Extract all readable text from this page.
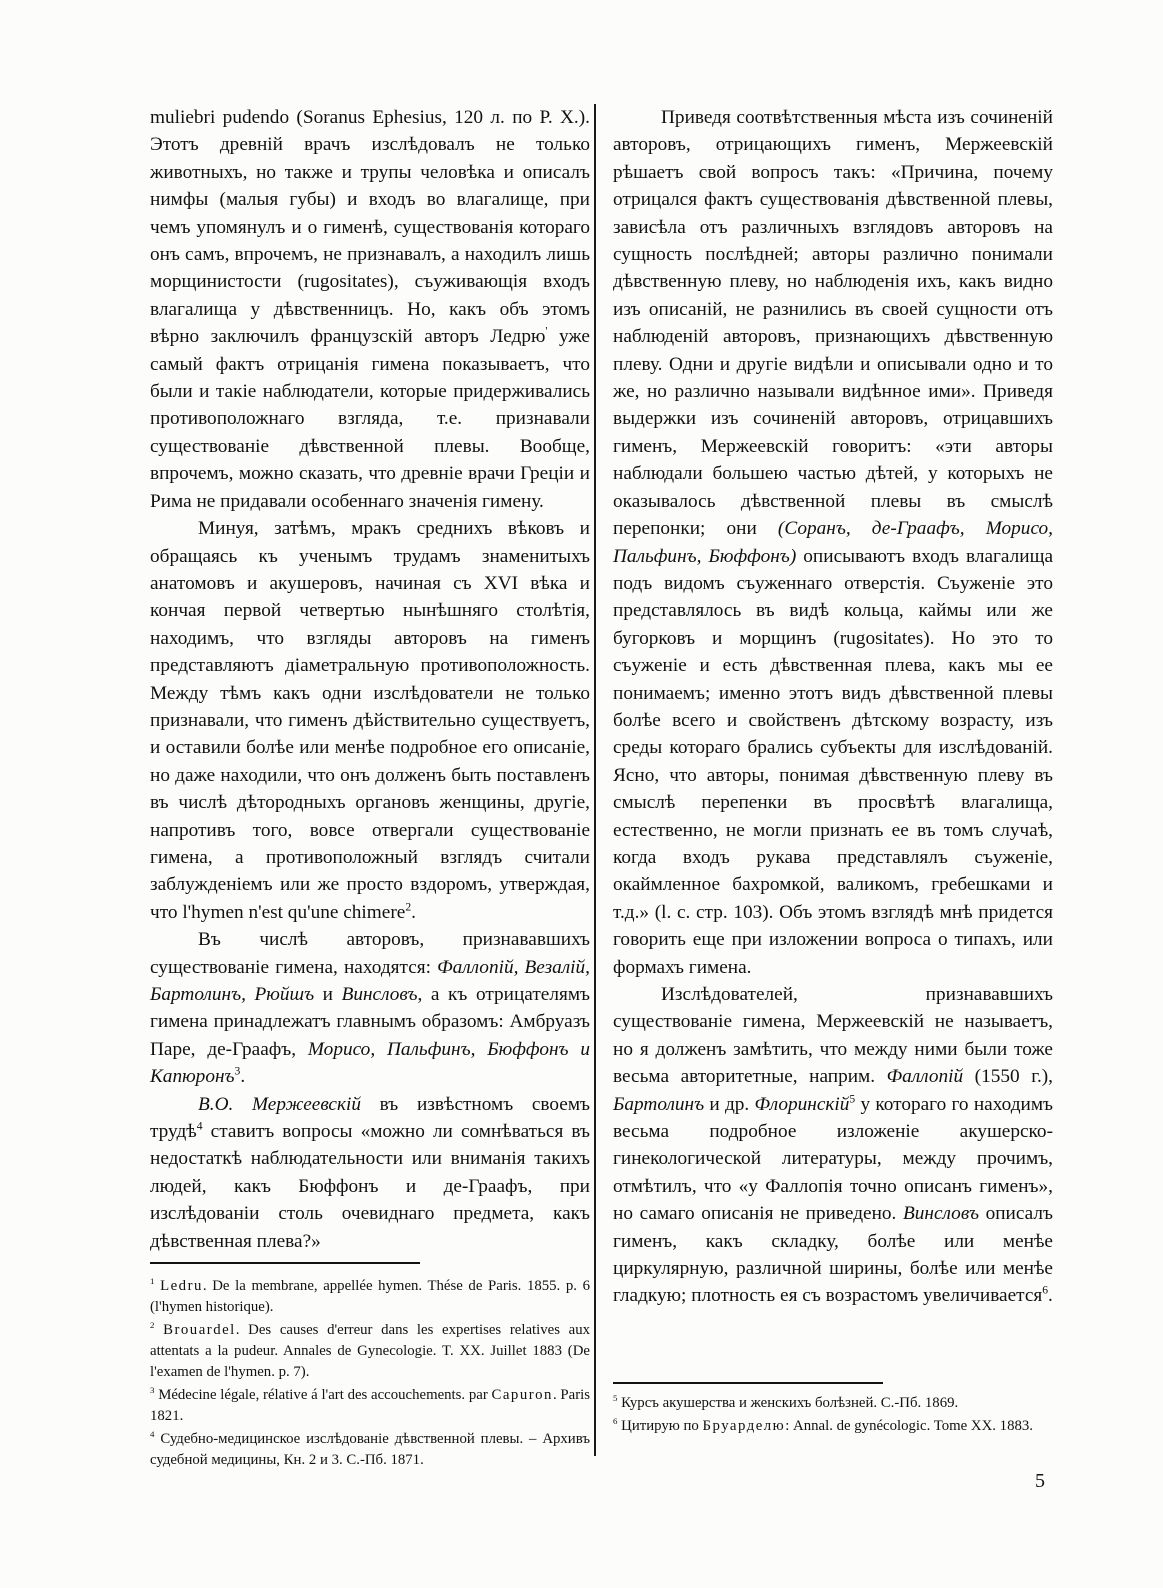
muliebri pudendo (Soranus Ephesius, 120 л. по Р. X.). Этотъ древній врачъ изслѣдовалъ не только животныхъ, но также и трупы человѣка и описалъ нимфы (малыя губы) и входъ во влагалище, при чемъ упомянулъ и о гименѣ, существованія котораго онъ самъ, впрочемъ, не признавалъ, а находилъ лишь морщинистости (rugositates), съуживающія входъ влагалища у дѣвственницъ. Но, какъ объ этомъ вѣрно заключилъ французскій авторъ Ледрю' уже самый фактъ отрицанія гимена показываетъ, что были и такіе наблюдатели, которые придерживались противоположнаго взгляда, т.е. признавали существованіе дѣвственной плевы. Вообще, впрочемъ, можно сказать, что древніе врачи Греціи и Рима не придавали особеннаго значенія гимену.

Минуя, затѣмъ, мракъ среднихъ вѣковъ и обращаясь къ ученымъ трудамъ знаменитыхъ анатомовъ и акушеровъ, начиная съ XVI вѣка и кончая первой четвертью нынѣшняго столѣтія, находимъ, что взгляды авторовъ на гименъ представляютъ діаметральную противоположность. Между тѣмъ какъ одни изслѣдователи не только признавали, что гименъ дѣйствительно существуетъ, и оставили болѣе или менѣе подробное его описаніе, но даже находили, что онъ долженъ быть поставленъ въ числѣ дѣтородныхъ органовъ женщины, другіе, напротивъ того, вовсе отвергали существованіе гимена, а противоположный взглядъ считали заблужденіемъ или же просто вздоромъ, утверждая, что l'hymen n'est qu'une chimere$^2$.

Въ числѣ авторовъ, признававшихъ существованіе гимена, находятся: Фаллопій, Везалій, Бартолинъ, Рюйшъ и Винсловъ, а къ отрицателямъ гимена принадлежатъ главнымъ образомъ: Амбруазъ Паре, де-Граафъ, Морисо, Пальфинъ, Бюффонъ и Капюронъ$^3$.

В.О. Мержеевскій въ извѣстномъ своемъ трудѣ$^4$ ставитъ вопросы «можно ли сомнѣваться въ недостаткѣ наблюдательности или вниманія такихъ людей, какъ Бюффонъ и де-Граафъ, при изслѣдованіи столь очевиднаго предмета, какъ дѣвственная плева?»

Приведя соотвѣтственныя мѣста изъ сочиненій авторовъ, отрицающихъ гименъ, Мержеевскій рѣшаетъ свой вопросъ такъ: «Причина, почему отрицался фактъ существованія дѣвственной плевы, зависѣла отъ различныхъ взглядовъ авторовъ на сущность послѣдней; авторы различно понимали дѣвственную плеву, но наблюденія ихъ, какъ видно изъ описаній, не разнились въ своей сущности отъ наблюденій авторовъ, признающихъ дѣвственную плеву. Одни и другіе видѣли и описывали одно и то же, но различно называли видѣнное ими». Приведя выдержки изъ сочиненій авторовъ, отрицавшихъ гименъ, Мержеевскій говоритъ: «эти авторы наблюдали большею частью дѣтей, у которыхъ не оказывалось дѣвственной плевы въ смыслѣ перепонки; они (Соранъ, де-Граафъ, Морисо, Пальфинъ, Бюффонъ) описываютъ входъ влагалища подъ видомъ съуженнаго отверстія. Съуженіе это представлялось въ видѣ кольца, каймы или же бугорковъ и морщинъ (rugositates). Но это то съуженіе и есть дѣвственная плева, какъ мы ее понимаемъ; именно этотъ видъ дѣвственной плевы болѣе всего и свойственъ дѣтскому возрасту, изъ среды котораго брались субъекты для изслѣдованій. Ясно, что авторы, понимая дѣвственную плеву въ смыслѣ перепенки въ просвѣтѣ влагалища, естественно, не могли признать ее въ томъ случаѣ, когда входъ рукава представлялъ съуженіе, окаймленное бахромкой, валикомъ, гребешками и т.д.» (l. c. стр. 103). Объ этомъ взглядѣ мнѣ придется говорить еще при изложении вопроса о типахъ, или формахъ гимена.

Изслѣдователей, признававшихъ существованіе гимена, Мержеевскій не называетъ, но я долженъ замѣтить, что между ними были тоже весьма авторитетные, наприм. Фаллопій (1550 г.), Бартолинъ и др. Флоринскій$^5$ у котораго го находимъ весьма подробное изложеніе акушерско-гинекологической литературы, между прочимъ, отмѣтилъ, что «у Фаллопія точно описанъ гименъ», но самаго описанія не приведено. Винсловъ описалъ гименъ, какъ складку, болѣе или менѣе циркулярную, различной ширины, болѣе или менѣе гладкую; плотность ея съ возрастомъ увеличивается$^6$.

$^1$ Ledru. De la membrane, appellée hymen. Thése de Paris. 1855. p. 6 (l'hymen historique).

$^2$ Brouardel. Des causes d'erreur dans les expertises relatives aux attentats a la pudeur. Annales de Gynecologie. T. XX. Juillet 1883 (De l'examen de l'hymen. p. 7).

$^3$ Médecine légale, rélative á l'art des accouchements. par Capuron. Paris 1821.

$^4$ Судебно-медицинское изслѣдованіе дѣвственной плевы. – Архивъ судебной медицины, Кн. 2 и 3. С.-Пб. 1871.

$^5$ Курсъ акушерства и женскихъ болѣзней. С.-Пб. 1869.

$^6$ Цитирую по Бруарделю: Annal. de gynécologic. Tome XX. 1883.

5
